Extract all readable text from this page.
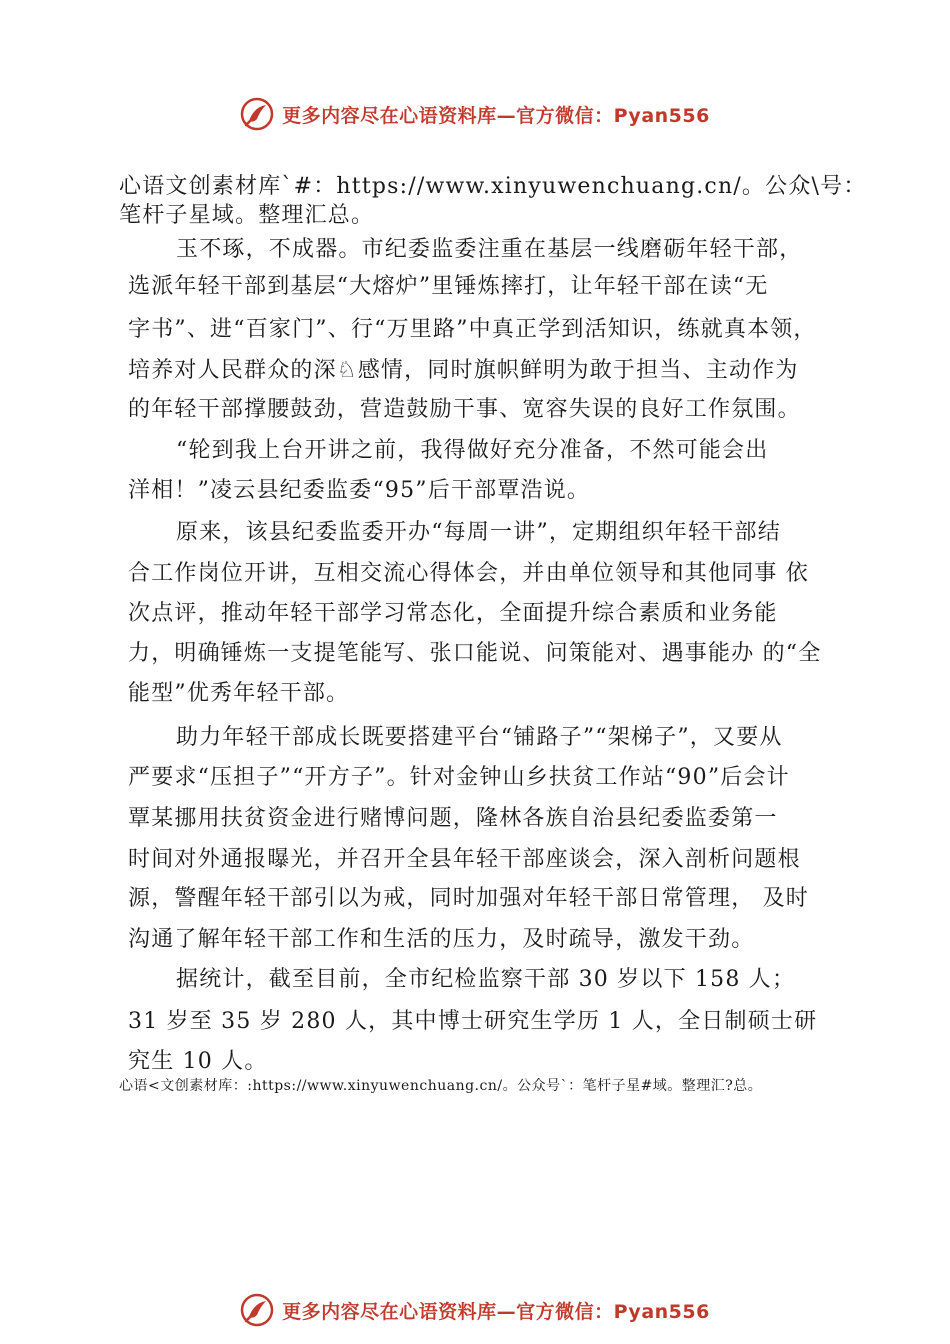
更多内容尽在心语资料库—官方微信：Pyan556
心语文创素材库`#：https://www.xinyuwenchuang.cn/。公众\号：
笔杆子星域。整理汇总。
玉不琢，不成器。市纪委监委注重在基层一线磨砺年轻干部，
选派年轻干部到基层“大熔炉”里锤炼摔打，让年轻干部在读“无
字书”、进“百家门”、行“万里路”中真正学到活知识，练就真本领，
培养对人民群众的深♘感情，同时旗帜鲜明为敢于担当、主动作为
的年轻干部撑腰鼓劲，营造鼓励干事、宽容失误的良好工作氛围。
“轮到我上台开讲之前，我得做好充分准备，不然可能会出
洋相！”凌云县纪委监委“95”后干部覃浩说。
原来，该县纪委监委开办“每周一讲”，定期组织年轻干部结
合工作岗位开讲，互相交流心得体会，并由单位领导和其他同事 依
次点评，推动年轻干部学习常态化，全面提升综合素质和业务能
力，明确锤炼一支提笔能写、张口能说、问策能对、遇事能办 的“全
能型”优秀年轻干部。
助力年轻干部成长既要搭建平台“铺路子”“架梯子”，又要从
严要求“压担子”“开方子”。针对金钟山乡扶贫工作站“90”后会计
覃某挪用扶贫资金进行赌博问题，隆林各族自治县纪委监委第一
时间对外通报曝光，并召开全县年轻干部座谈会，深入剖析问题根
源，警醒年轻干部引以为戒，同时加强对年轻干部日常管理， 及时
沟通了解年轻干部工作和生活的压力，及时疏导，激发干劲。
据统计，截至目前，全市纪检监察干部 30 岁以下 158 人；
31 岁至 35 岁 280 人，其中博士研究生学历 1 人，全日制硕士研
究生 10 人。
心语<文创素材库：:https://www.xinyuwenchuang.cn/。公众号`：笔杆子星#域。整理汇?总。
更多内容尽在心语资料库—官方微信：Pyan556
